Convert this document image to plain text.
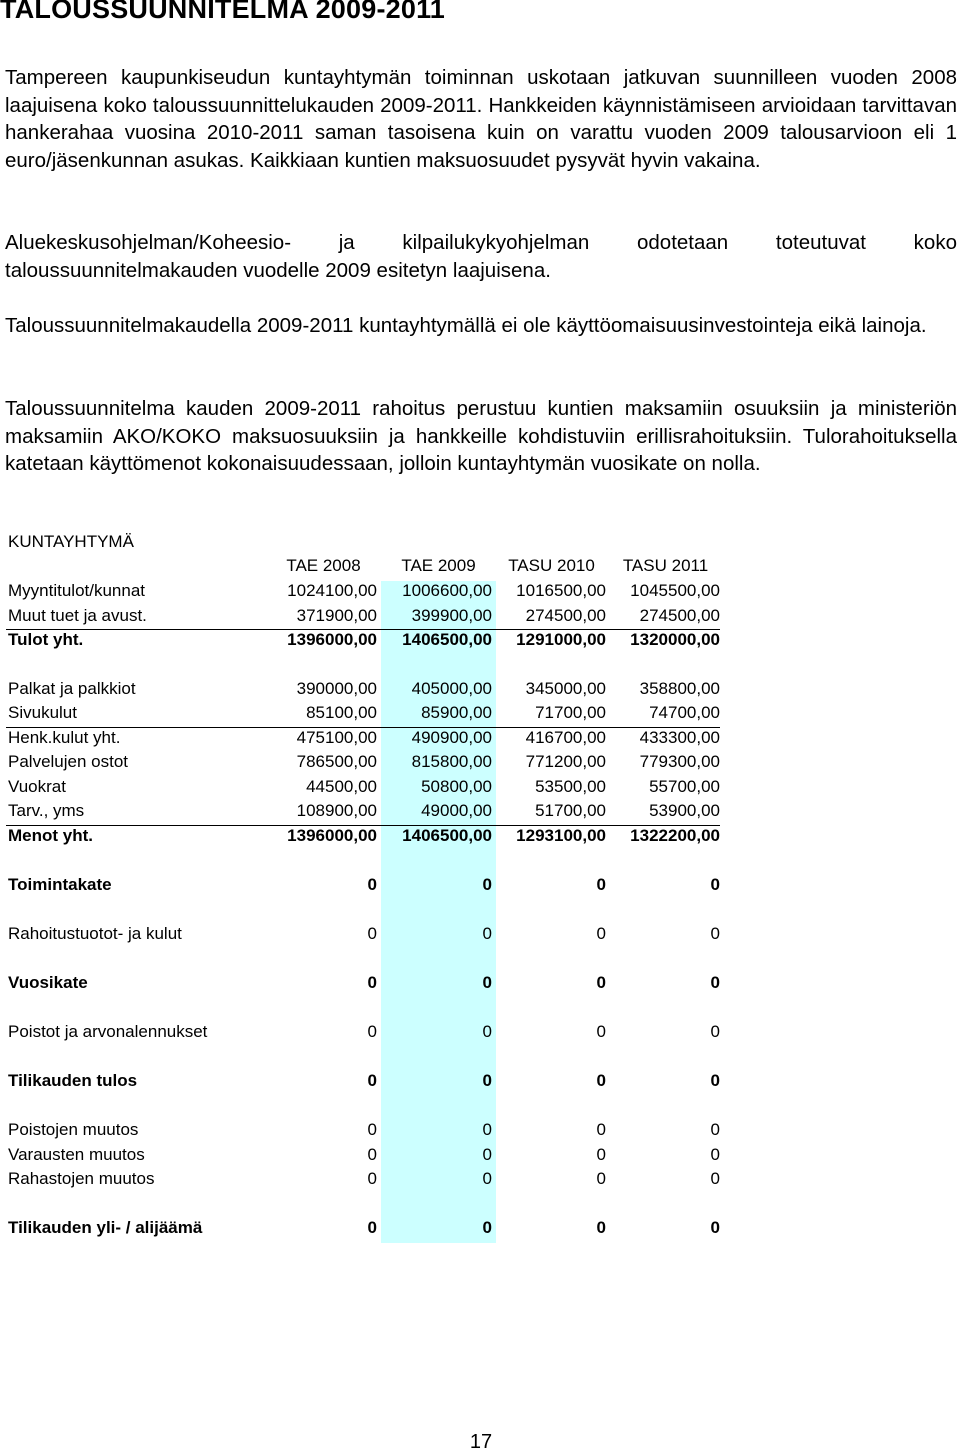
TALOUSSUUNNITELMA 2009-2011

Tampereen kaupunkiseudun kuntayhtymän toiminnan uskotaan jatkuvan suunnilleen vuoden 2008 laajuisena koko taloussuunnittelukauden 2009-2011. Hankkeiden käynnistämiseen arvioidaan tarvittavan hankerahaa vuosina 2010-2011 saman tasoisena kuin on varattu vuoden 2009 talousarvioon eli 1 euro/jäsenkunnan asukas. Kaikkiaan kuntien maksuosuudet pysyvät hyvin vakaina.

Aluekeskusohjelman/Koheesio- ja kilpailukykyohjelman odotetaan toteutuvat koko taloussuunnitelmakauden vuodelle 2009 esitetyn laajuisena.

Taloussuunnitelmakaudella 2009-2011 kuntayhtymällä ei ole käyttöomaisuusinvestointeja eikä lainoja.

Taloussuunnitelma kauden 2009-2011 rahoitus perustuu kuntien maksamiin osuuksiin ja ministeriön maksamiin AKO/KOKO maksuosuuksiin ja hankkeille kohdistuviin erillisrahoituksiin. Tulorahoituksella katetaan käyttömenot kokonaisuudessaan, jolloin kuntayhtymän vuosikate on nolla.

KUNTAYHTYMÄ
TAE 2008	TAE 2009	TASU 2010	TASU 2011
Myyntitulot/kunnat	1024100,00	1006600,00	1016500,00	1045500,00
Muut tuet ja avust.	371900,00	399900,00	274500,00	274500,00
Tulot yht.	1396000,00	1406500,00	1291000,00	1320000,00
Palkat ja palkkiot	390000,00	405000,00	345000,00	358800,00
Sivukulut	85100,00	85900,00	71700,00	74700,00
Henk.kulut yht.	475100,00	490900,00	416700,00	433300,00
Palvelujen ostot	786500,00	815800,00	771200,00	779300,00
Vuokrat	44500,00	50800,00	53500,00	55700,00
Tarv., yms	108900,00	49000,00	51700,00	53900,00
Menot yht.	1396000,00	1406500,00	1293100,00	1322200,00
Toimintakate	0	0	0	0
Rahoitustuotot- ja kulut	0	0	0	0
Vuosikate	0	0	0	0
Poistot ja arvonalennukset	0	0	0	0
Tilikauden tulos	0	0	0	0
Poistojen muutos	0	0	0	0
Varausten muutos	0	0	0	0
Rahastojen muutos	0	0	0	0
Tilikauden yli- / alijäämä	0	0	0	0
17
